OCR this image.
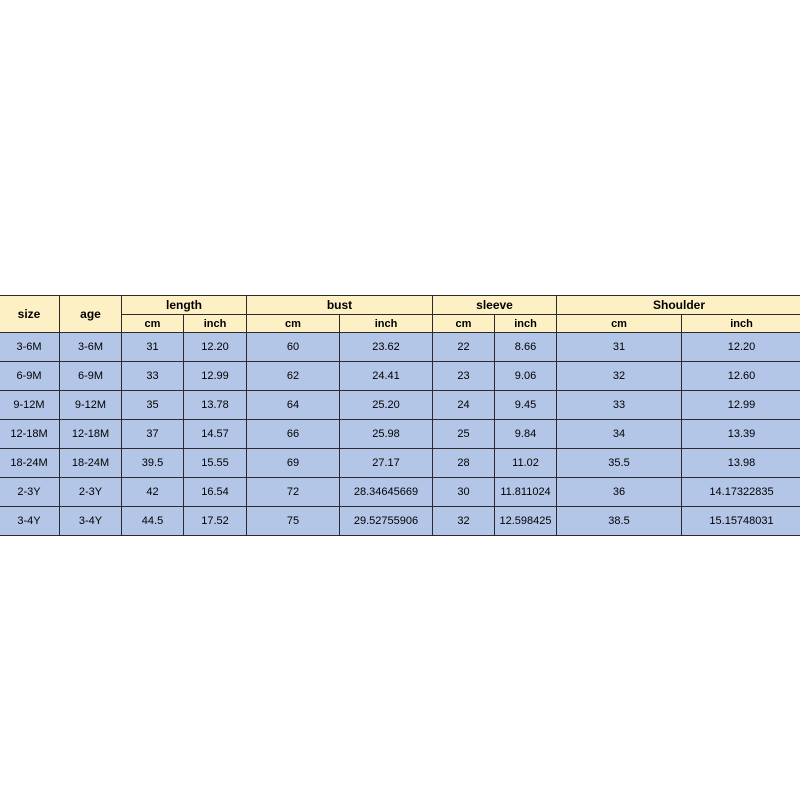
size	age	length		bust		sleeve		Shoulder	
		cm	inch	cm	inch	cm	inch	cm	inch
3-6M	3-6M	31	12.20	60	23.62	22	8.66	31	12.20
6-9M	6-9M	33	12.99	62	24.41	23	9.06	32	12.60
9-12M	9-12M	35	13.78	64	25.20	24	9.45	33	12.99
12-18M	12-18M	37	14.57	66	25.98	25	9.84	34	13.39
18-24M	18-24M	39.5	15.55	69	27.17	28	11.02	35.5	13.98
2-3Y	2-3Y	42	16.54	72	28.34645669	30	11.811024	36	14.17322835
3-4Y	3-4Y	44.5	17.52	75	29.52755906	32	12.598425	38.5	15.15748031
